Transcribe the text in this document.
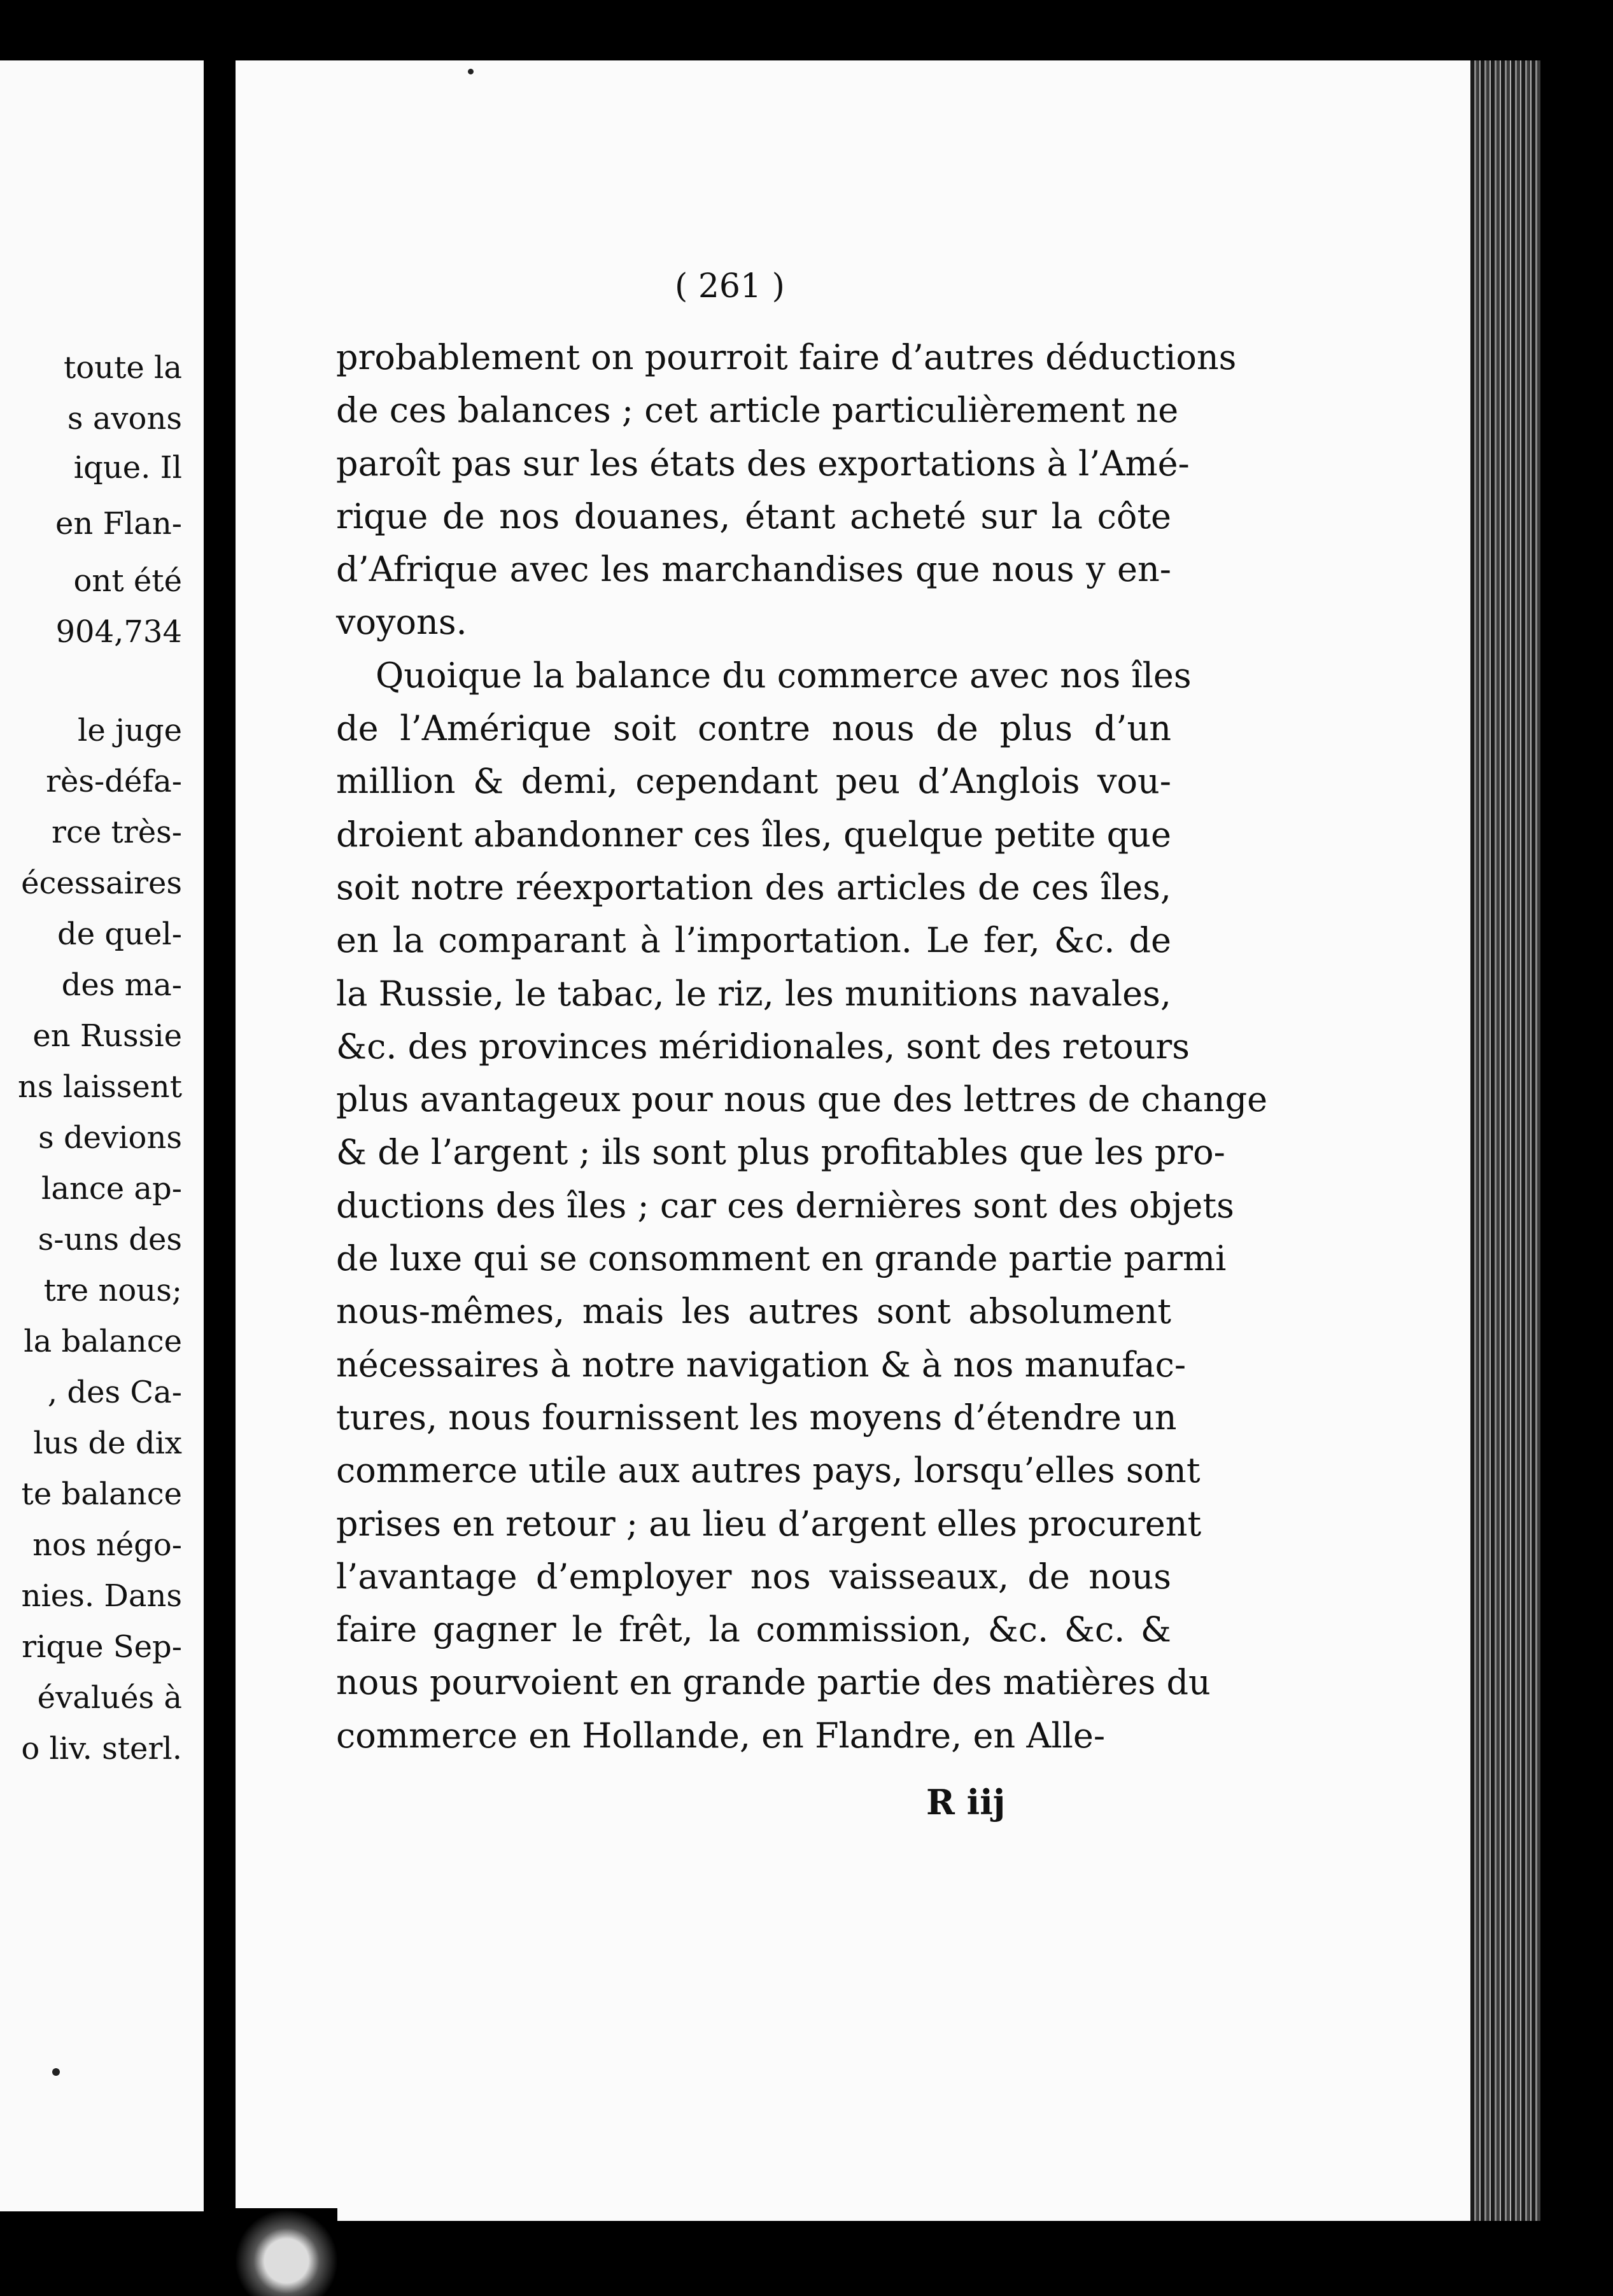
toute la
s avons
ique. Il
en Flan-
ont été
904,734
le juge
rès-défa-
rce très-
écessaires
de quel-
des ma-
en Russie
ns laissent
s devions
lance ap-
s-uns des
tre nous;
la balance
, des Ca-
lus de dix
te balance
nos négo-
nies. Dans
rique Sep-
évalués à
o liv. sterl.
( 261 )
probablement on pourroit faire d’autres déductions
de ces balances ; cet article particulièrement ne
paroît pas sur les états des exportations à l’Amé-
rique de nos douanes, étant acheté sur la côte
d’Afrique avec les marchandises que nous y en-
voyons.
Quoique la balance du commerce avec nos îles
de l’Amérique soit contre nous de plus d’un
million & demi, cependant peu d’Anglois vou-
droient abandonner ces îles, quelque petite que
soit notre réexportation des articles de ces îles,
en la comparant à l’importation. Le fer, &c. de
la Russie, le tabac, le riz, les munitions navales,
&c. des provinces méridionales, sont des retours
plus avantageux pour nous que des lettres de change
& de l’argent ; ils sont plus profitables que les pro-
ductions des îles ; car ces dernières sont des objets
de luxe qui se consomment en grande partie parmi
nous-mêmes, mais les autres sont absolument
nécessaires à notre navigation & à nos manufac-
tures, nous fournissent les moyens d’étendre un
commerce utile aux autres pays, lorsqu’elles sont
prises en retour ; au lieu d’argent elles procurent
l’avantage d’employer nos vaisseaux, de nous
faire gagner le frêt, la commission, &c. &c. &
nous pourvoient en grande partie des matières du
commerce en Hollande, en Flandre, en Alle-
R iij
